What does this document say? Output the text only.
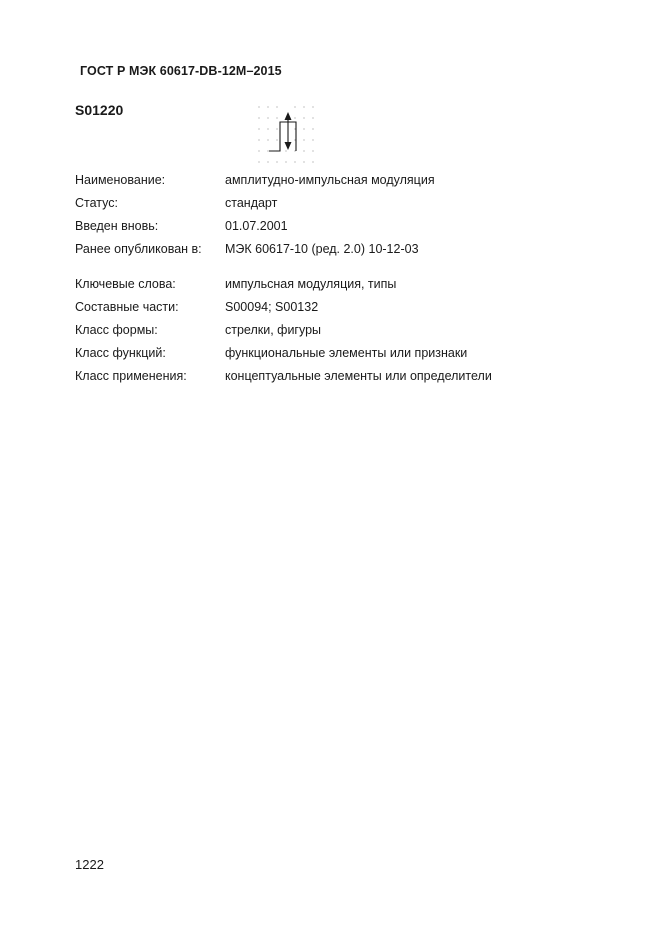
ГОСТ Р МЭК 60617-DB-12M–2015
S01220
Наименование:	амплитудно-импульсная модуляция
Статус:	стандарт
Введен вновь:	01.07.2001
Ранее опубликован в: МЭК 60617-10 (ред. 2.0) 10-12-03
Ключевые слова:	импульсная модуляция, типы
Составные части:	S00094; S00132
Класс формы:	стрелки, фигуры
Класс функций:	функциональные элементы или признаки
Класс применения:	концептуальные элементы или определители
1222
